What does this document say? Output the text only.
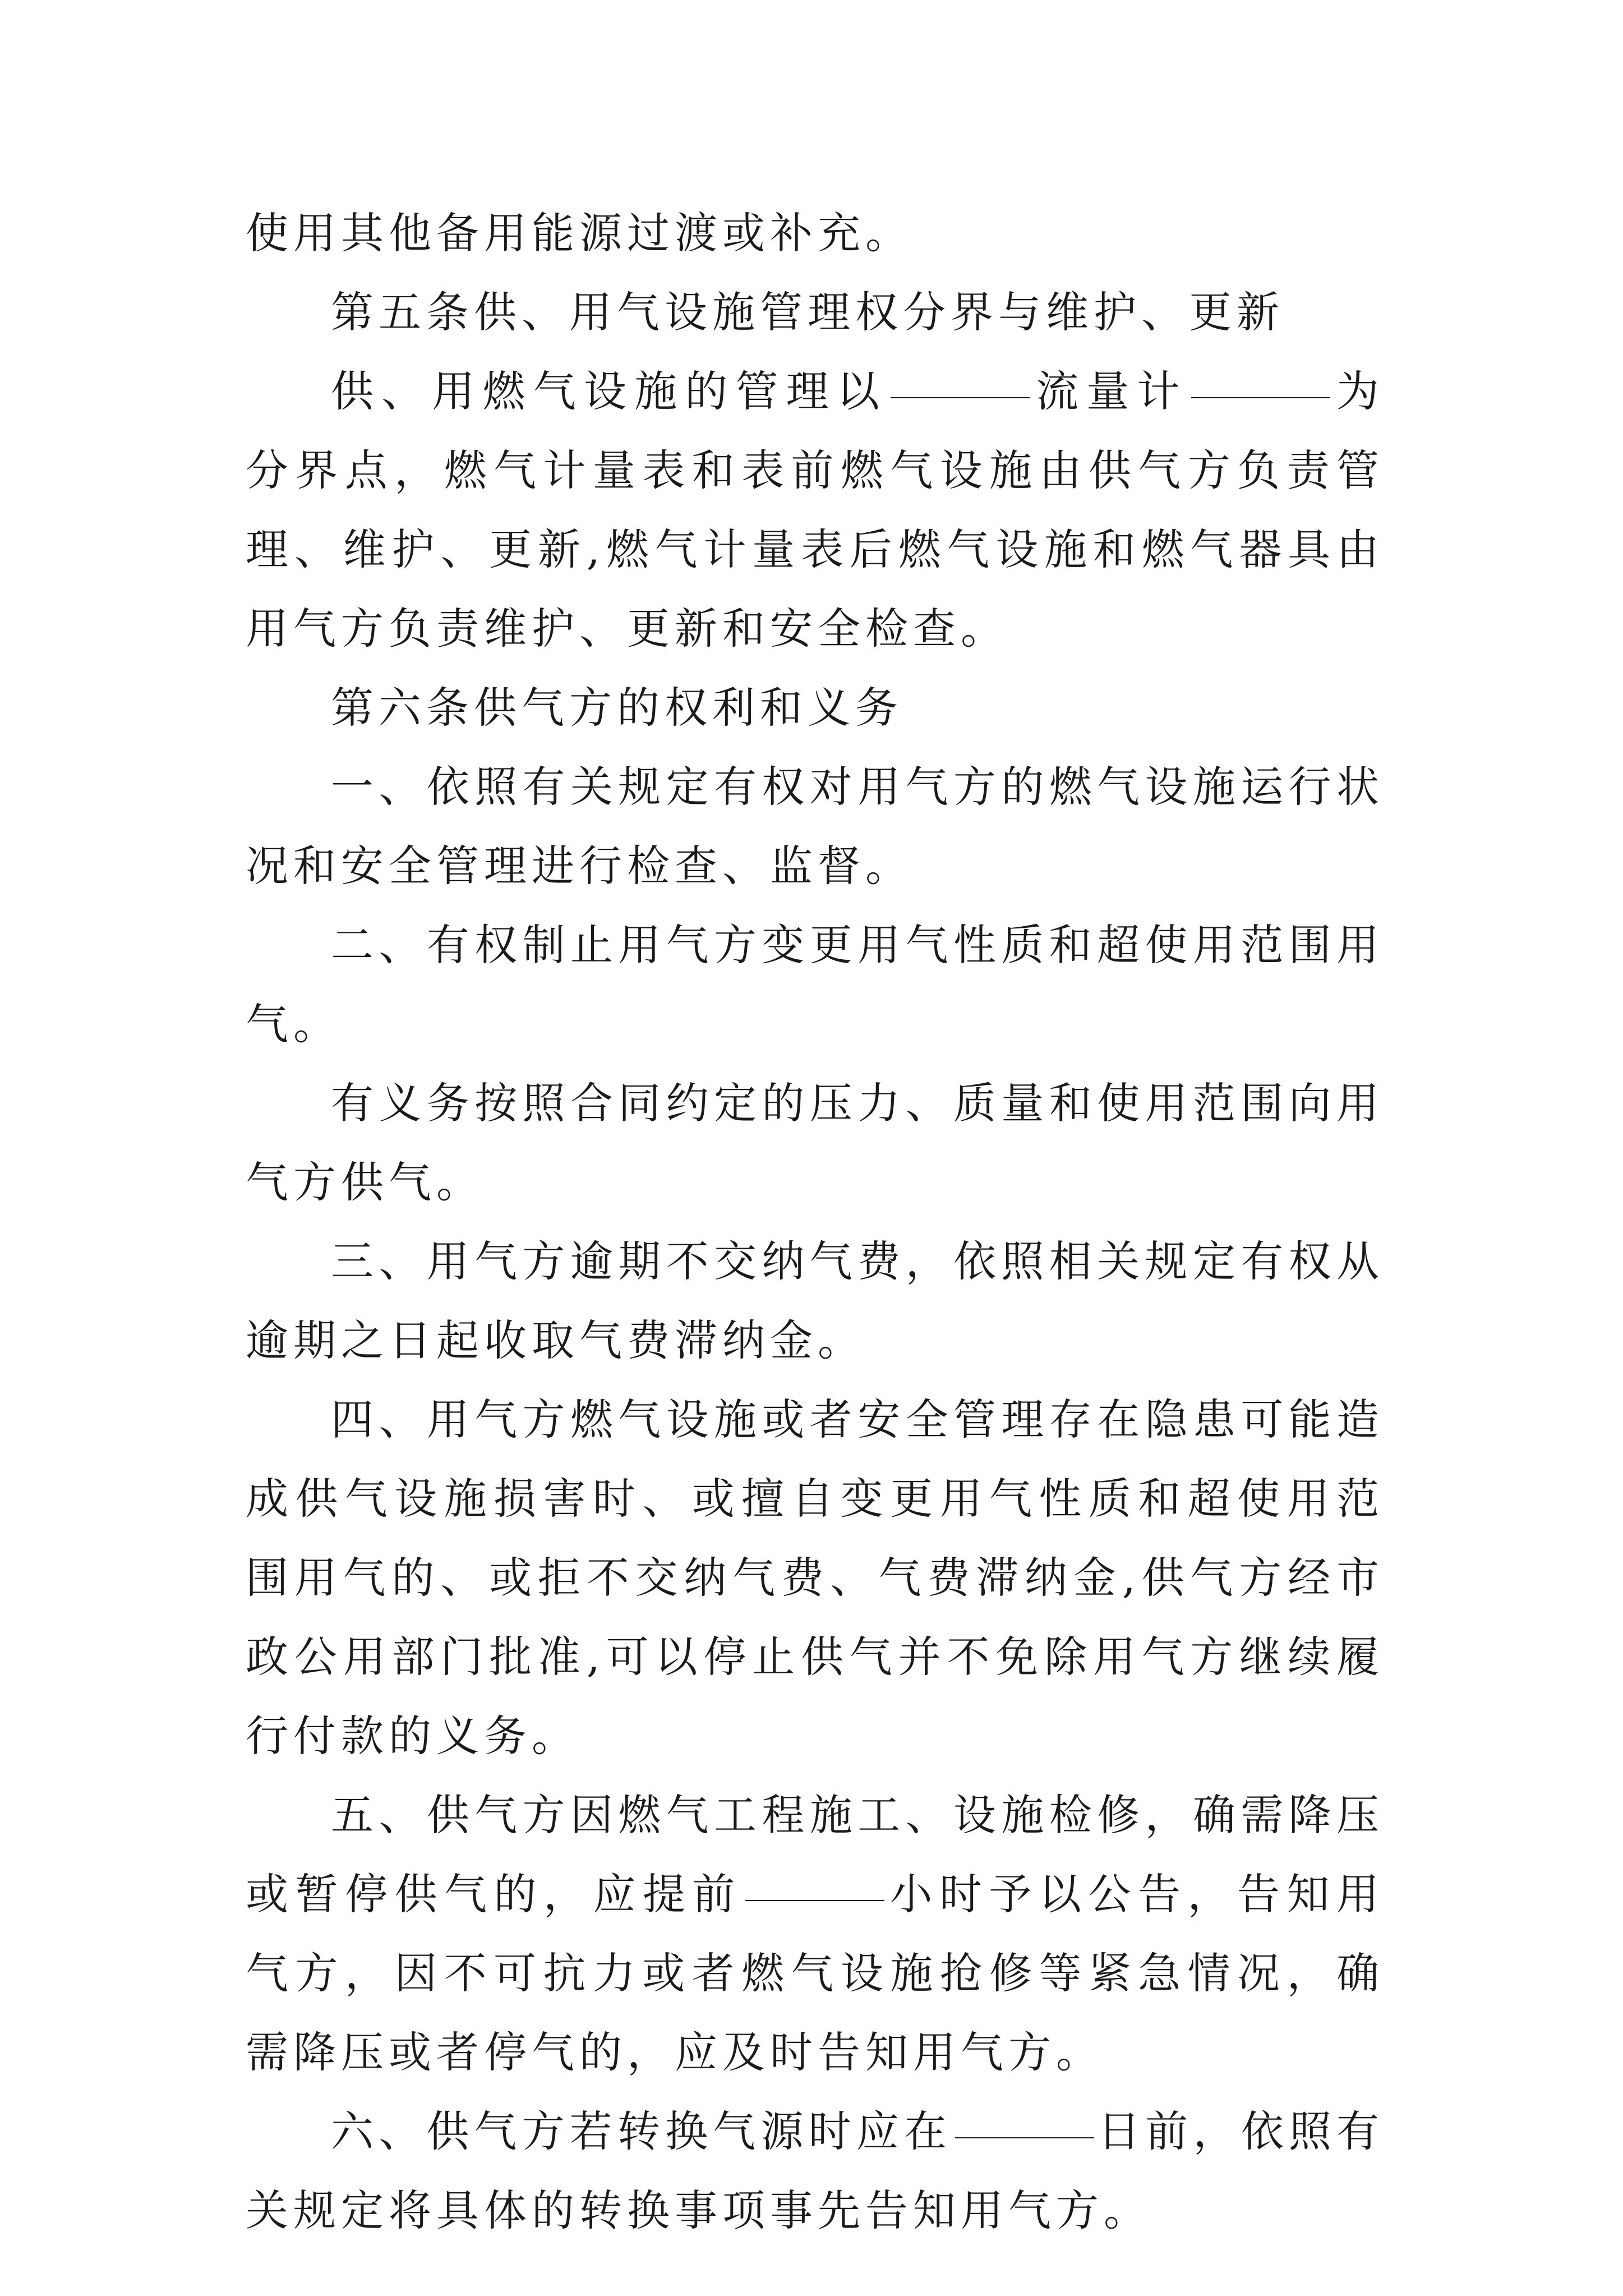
使用其他备用能源过渡或补充。

第五条供、用气设施管理权分界与维护、更新

供、用燃气设施的管理以	流量计	为分界点，燃气计量表和表前燃气设施由供气方负责管理、维护、更新,燃气计量表后燃气设施和燃气器具由用气方负责维护、更新和安全检查。

第六条供气方的权利和义务

一、依照有关规定有权对用气方的燃气设施运行状况和安全管理进行检查、监督。

二、有权制止用气方变更用气性质和超使用范围用气。

有义务按照合同约定的压力、质量和使用范围向用气方供气。

三、用气方逾期不交纳气费，依照相关规定有权从逾期之日起收取气费滞纳金。

四、用气方燃气设施或者安全管理存在隐患可能造成供气设施损害时、或擅自变更用气性质和超使用范围用气的、或拒不交纳气费、气费滞纳金,供气方经市政公用部门批准,可以停止供气并不免除用气方继续履行付款的义务。

五、供气方因燃气工程施工、设施检修，确需降压或暂停供气的，应提前	小时予以公告，告知用气方，因不可抗力或者燃气设施抢修等紧急情况，确需降压或者停气的，应及时告知用气方。

六、供气方若转换气源时应在	日前，依照有关规定将具体的转换事项事先告知用气方。
